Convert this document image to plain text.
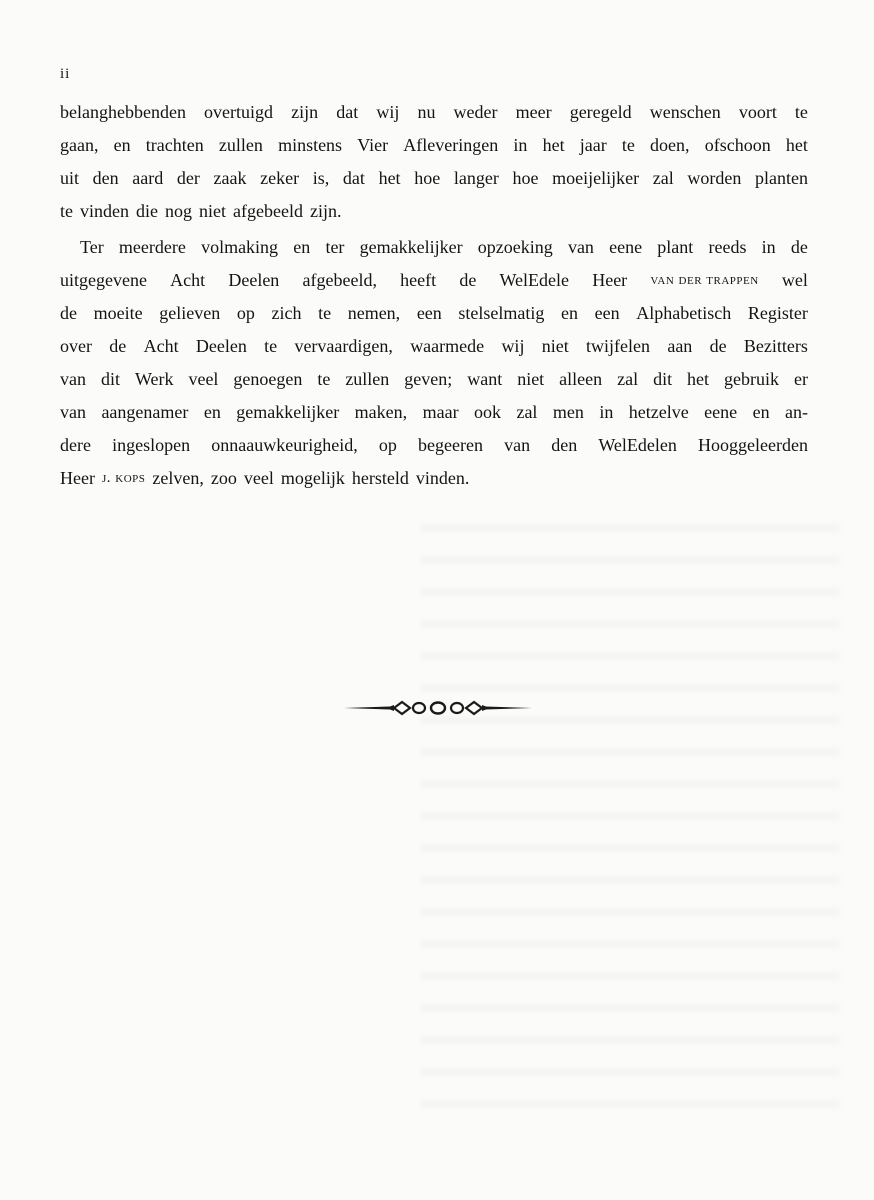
ii
belanghebbenden overtuigd zijn dat wij nu weder meer geregeld wenschen voort te
gaan, en trachten zullen minstens Vier Afleveringen in het jaar te doen, ofschoon het
uit den aard der zaak zeker is, dat het hoe langer hoe moeijelijker zal worden planten
te vinden die nog niet afgebeeld zijn.
Ter meerdere volmaking en ter gemakkelijker opzoeking van eene plant reeds in de
uitgegevene Acht Deelen afgebeeld, heeft de WelEdele Heer van der trappen wel
de moeite gelieven op zich te nemen, een stelselmatig en een Alphabetisch Register
over de Acht Deelen te vervaardigen, waarmede wij niet twijfelen aan de Bezitters
van dit Werk veel genoegen te zullen geven; want niet alleen zal dit het gebruik er
van aangenamer en gemakkelijker maken, maar ook zal men in hetzelve eene en an-
dere ingeslopen onnaauwkeurigheid, op begeeren van den WelEdelen Hooggeleerden
Heer j. kops zelven, zoo veel mogelijk hersteld vinden.
